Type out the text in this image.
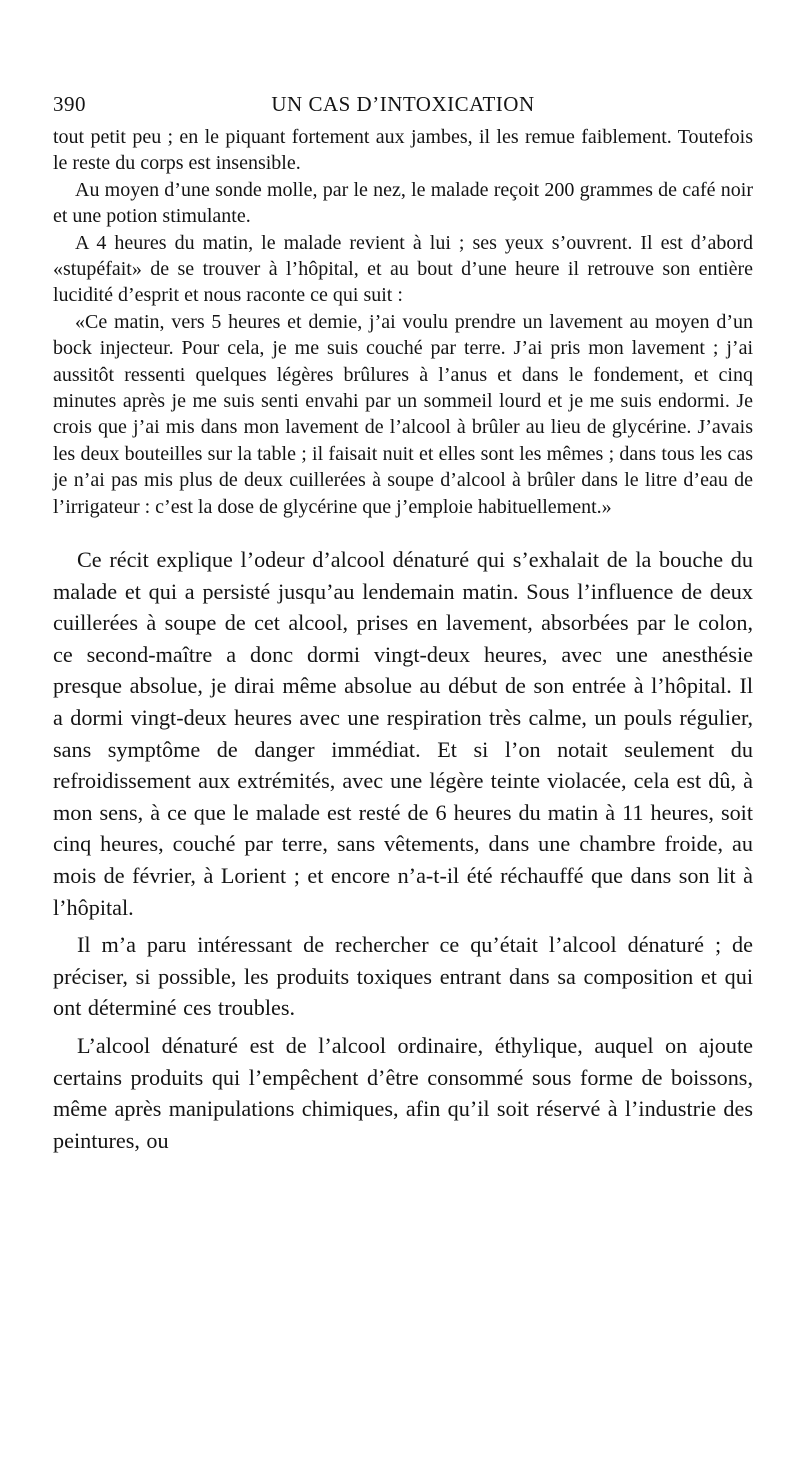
390	UN CAS D’INTOXICATION

tout petit peu ; en le piquant fortement aux jambes, il les remue faiblement. Toutefois le reste du corps est insensible.

Au moyen d’une sonde molle, par le nez, le malade reçoit 200 grammes de café noir et une potion stimulante.

A 4 heures du matin, le malade revient à lui ; ses yeux s’ouvrent. Il est d’abord «stupéfait» de se trouver à l’hôpital, et au bout d’une heure il retrouve son entière lucidité d’esprit et nous raconte ce qui suit :

«Ce matin, vers 5 heures et demie, j’ai voulu prendre un lavement au moyen d’un bock injecteur. Pour cela, je me suis couché par terre. J’ai pris mon lavement ; j’ai aussitôt ressenti quelques légères brûlures à l’anus et dans le fondement, et cinq minutes après je me suis senti envahi par un sommeil lourd et je me suis endormi. Je crois que j’ai mis dans mon lavement de l’alcool à brûler au lieu de glycérine. J’avais les deux bouteilles sur la table ; il faisait nuit et elles sont les mêmes ; dans tous les cas je n’ai pas mis plus de deux cuillerées à soupe d’alcool à brûler dans le litre d’eau de l’irrigateur : c’est la dose de glycérine que j’emploie habituellement.»

Ce récit explique l’odeur d’alcool dénaturé qui s’exhalait de la bouche du malade et qui a persisté jusqu’au lendemain matin. Sous l’influence de deux cuillerées à soupe de cet alcool, prises en lavement, absorbées par le colon, ce second-maître a donc dormi vingt-deux heures, avec une anesthésie presque absolue, je dirai même absolue au début de son entrée à l’hôpital. Il a dormi vingt-deux heures avec une respiration très calme, un pouls régulier, sans symptôme de danger immédiat. Et si l’on notait seulement du refroidissement aux extrémités, avec une légère teinte violacée, cela est dû, à mon sens, à ce que le malade est resté de 6 heures du matin à 11 heures, soit cinq heures, couché par terre, sans vêtements, dans une chambre froide, au mois de février, à Lorient ; et encore n’a-t-il été réchauffé que dans son lit à l’hôpital.

Il m’a paru intéressant de rechercher ce qu’était l’alcool dénaturé ; de préciser, si possible, les produits toxiques entrant dans sa composition et qui ont déterminé ces troubles.

L’alcool dénaturé est de l’alcool ordinaire, éthylique, auquel on ajoute certains produits qui l’empêchent d’être consommé sous forme de boissons, même après manipulations chimiques, afin qu’il soit réservé à l’industrie des peintures, ou
